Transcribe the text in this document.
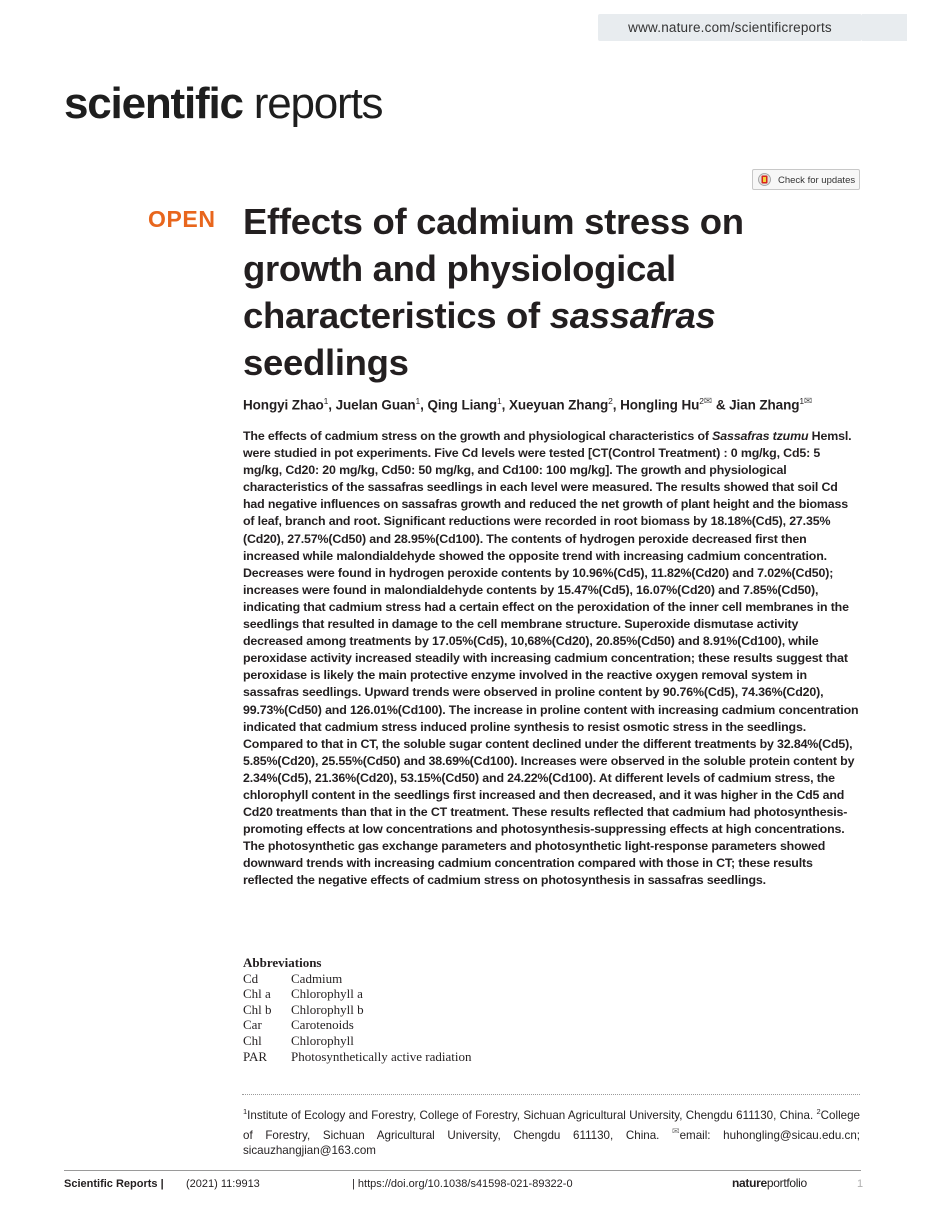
www.nature.com/scientificreports
scientific reports
Check for updates
OPEN Effects of cadmium stress on growth and physiological characteristics of sassafras seedlings
Hongyi Zhao$^1$, Juelan Guan$^1$, Qing Liang$^1$, Xueyuan Zhang$^2$, Hongling $Hu^{2✉}$ & Jian Zhang$^{1✉}$

The effects of cadmium stress on the growth and physiological characteristics of Sassafras tzumu Hemsl. were studied in pot experiments. Five Cd levels were tested [CT(Control Treatment) : 0 mg/kg, Cd5: 5 mg/kg, Cd20: 20 mg/kg, Cd50: 50 mg/kg, and Cd100: 100 mg/kg]. The growth and physiological characteristics of the sassafras seedlings in each level were measured. The results showed that soil Cd had negative influences on sassafras growth and reduced the net growth of plant height and the biomass of leaf, branch and root. Significant reductions were recorded in root biomass by 18.18%(Cd5), 27.35%(Cd20), 27.57%(Cd50) and 28.95%(Cd100). The contents of hydrogen peroxide decreased first then increased while malondialdehyde showed the opposite trend with increasing cadmium concentration. Decreases were found in hydrogen peroxide contents by 10.96%(Cd5), 11.82%(Cd20) and 7.02%(Cd50); increases were found in malondialdehyde contents by 15.47%(Cd5), 16.07%(Cd20) and 7.85%(Cd50), indicating that cadmium stress had a certain effect on the peroxidation of the inner cell membranes in the seedlings that resulted in damage to the cell membrane structure. Superoxide dismutase activity decreased among treatments by 17.05%(Cd5), 10,68%(Cd20), 20.85%(Cd50) and 8.91%(Cd100), while peroxidase activity increased steadily with increasing cadmium concentration; these results suggest that peroxidase is likely the main protective enzyme involved in the reactive oxygen removal system in sassafras seedlings. Upward trends were observed in proline content by 90.76%(Cd5), 74.36%(Cd20), 99.73%(Cd50) and 126.01%(Cd100). The increase in proline content with increasing cadmium concentration indicated that cadmium stress induced proline synthesis to resist osmotic stress in the seedlings. Compared to that in CT, the soluble sugar content declined under the different treatments by 32.84%(Cd5), 5.85%(Cd20), 25.55%(Cd50) and 38.69%(Cd100). Increases were observed in the soluble protein content by 2.34%(Cd5), 21.36%(Cd20), 53.15%(Cd50) and 24.22%(Cd100). At different levels of cadmium stress, the chlorophyll content in the seedlings first increased and then decreased, and it was higher in the Cd5 and Cd20 treatments than that in the CT treatment. These results reflected that cadmium had photosynthesis-promoting effects at low concentrations and photosynthesis-suppressing effects at high concentrations. The photosynthetic gas exchange parameters and photosynthetic light-response parameters showed downward trends with increasing cadmium concentration compared with those in CT; these results reflected the negative effects of cadmium stress on photosynthesis in sassafras seedlings.

Abbreviations
Cd	Cadmium
Chl a	Chlorophyll a
Chl b	Chlorophyll b
Car	Carotenoids
Chl	Chlorophyll
PAR	Photosynthetically active radiation
$^1$Institute of Ecology and Forestry, College of Forestry, Sichuan Agricultural University, Chengdu 611130, China. $^2$College of Forestry, Sichuan Agricultural University, Chengdu 611130, China. ✉email: huhongling@sicau.edu.cn; sicauzhangjian@163.com
Scientific Reports | (2021) 11:9913	| https://doi.org/10.1038/s41598-021-89322-0	natureportfolio	1
